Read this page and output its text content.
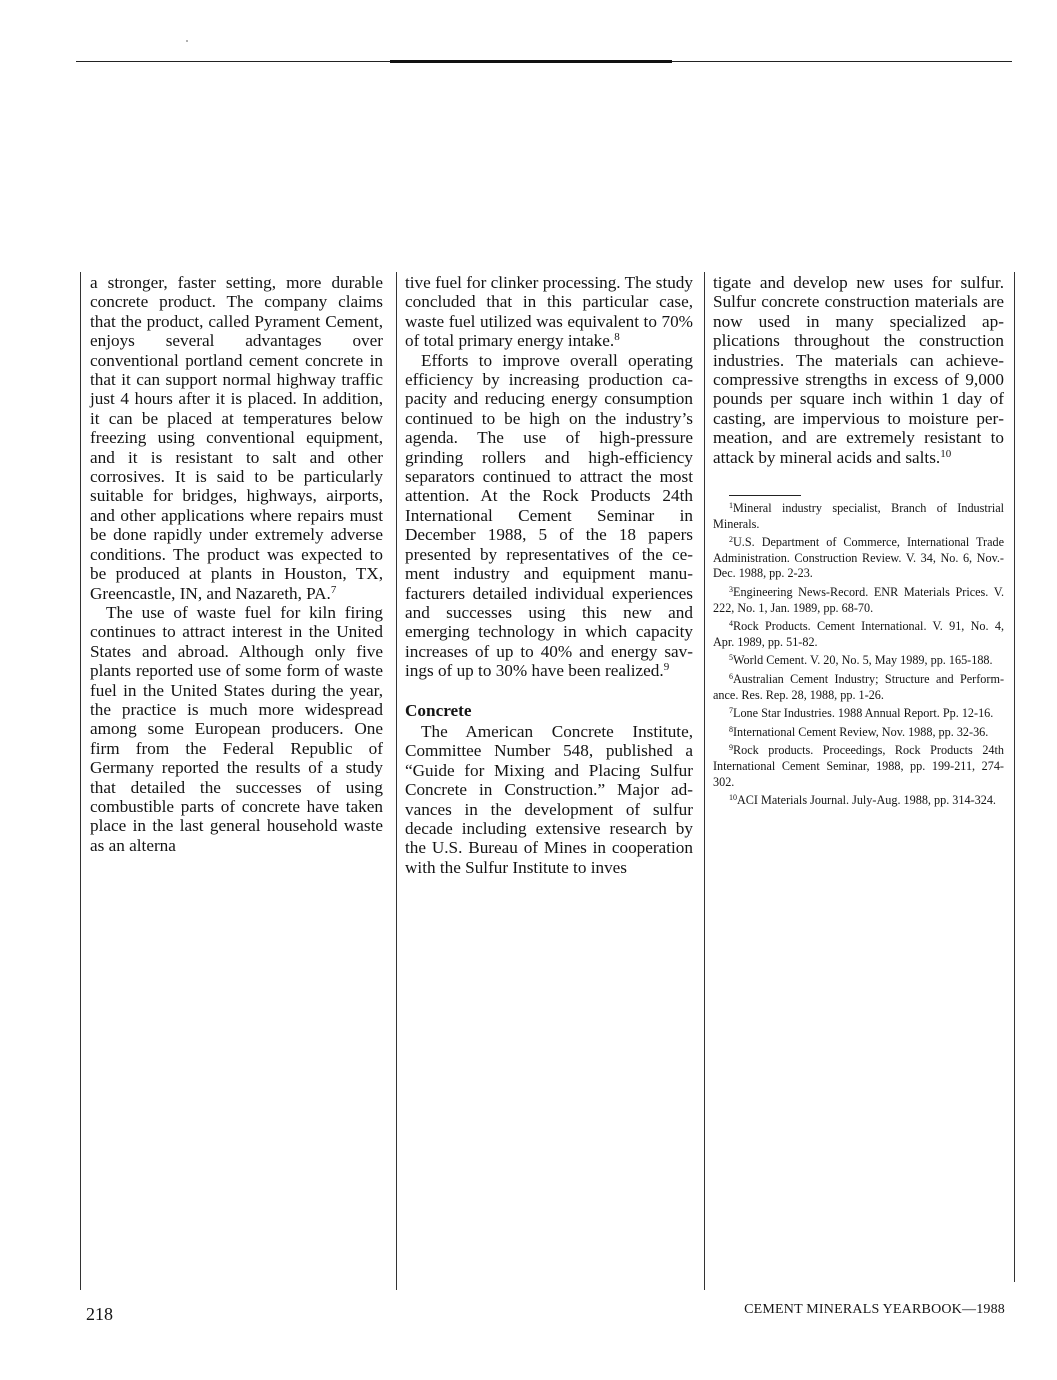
a stronger, faster setting, more durable concrete product. The company claims that the product, called Pyrament Cement, enjoys several advantages over conventional portland cement concrete in that it can support normal highway traffic just 4 hours after it is placed. In addition, it can be placed at temperatures below freezing using conventional equipment, and it is resistant to salt and other corrosives. It is said to be particularly suitable for bridges, highways, airports, and other applications where repairs must be done rapidly under extremely adverse conditions. The product was expected to be produced at plants in Houston, TX, Greencastle, IN, and Nazareth, PA.$^7$

The use of waste fuel for kiln firing continues to attract interest in the United States and abroad. Although only five plants reported use of some form of waste fuel in the United States during the year, the practice is much more widespread among some European producers. One firm from the Federal Republic of Germany reported the results of a study that detailed the successes of using combustible parts of concrete have taken place in the last general household waste as an alterna

tive fuel for clinker processing. The study concluded that in this particular case, waste fuel utilized was equivalent to 70% of total primary energy intake.$^8$

Efforts to improve overall operating efficiency by increasing production capacity and reducing energy consumption continued to be high on the industry’s agenda. The use of high-pressure grinding rollers and high-efficiency separators continued to attract the most attention. At the Rock Products 24th International Cement Seminar in December 1988, 5 of the 18 papers presented by representatives of the cement industry and equipment manufacturers detailed individual experiences and successes using this new and emerging technology in which capacity increases of up to 40% and energy savings of up to 30% have been realized.$^9$

Concrete

The American Concrete Institute, Committee Number 548, published a “Guide for Mixing and Placing Sulfur Concrete in Construction.” Major advances in the development of sulfur decade including extensive research by the U.S. Bureau of Mines in cooperation with the Sulfur Institute to inves

tigate and develop new uses for sulfur. Sulfur concrete construction materials are now used in many specialized applications throughout the construction industries. The materials can achievecompressive strengths in excess of 9,000 pounds per square inch within 1 day of casting, are impervious to moisture permeation, and are extremely resistant to attack by mineral acids and salts.$^{10}$

$^1$Mineral industry specialist, Branch of Industrial Minerals.

$^2$U.S. Department of Commerce, International Trade Administration. Construction Review. V. 34, No. 6, Nov.-Dec. 1988, pp. 2-23.

$^3$Engineering News-Record. ENR Materials Prices. V. 222, No. 1, Jan. 1989, pp. 68-70.

$^4$Rock Products. Cement International. V. 91, No. 4, Apr. 1989, pp. 51-82.

$^5$World Cement. V. 20, No. 5, May 1989, pp. 165-188.

$^6$Australian Cement Industry; Structure and Performance. Res. Rep. 28, 1988, pp. 1-26.

$^7$Lone Star Industries. 1988 Annual Report. Pp. 12-16.

$^8$International Cement Review, Nov. 1988, pp. 32-36.

$^9$Rock products. Proceedings, Rock Products 24th International Cement Seminar, 1988, pp. 199-211, 274-302.

$^{10}$ACI Materials Journal. July-Aug. 1988, pp. 314-324.

218	CEMENT MINERALS YEARBOOK—1988
